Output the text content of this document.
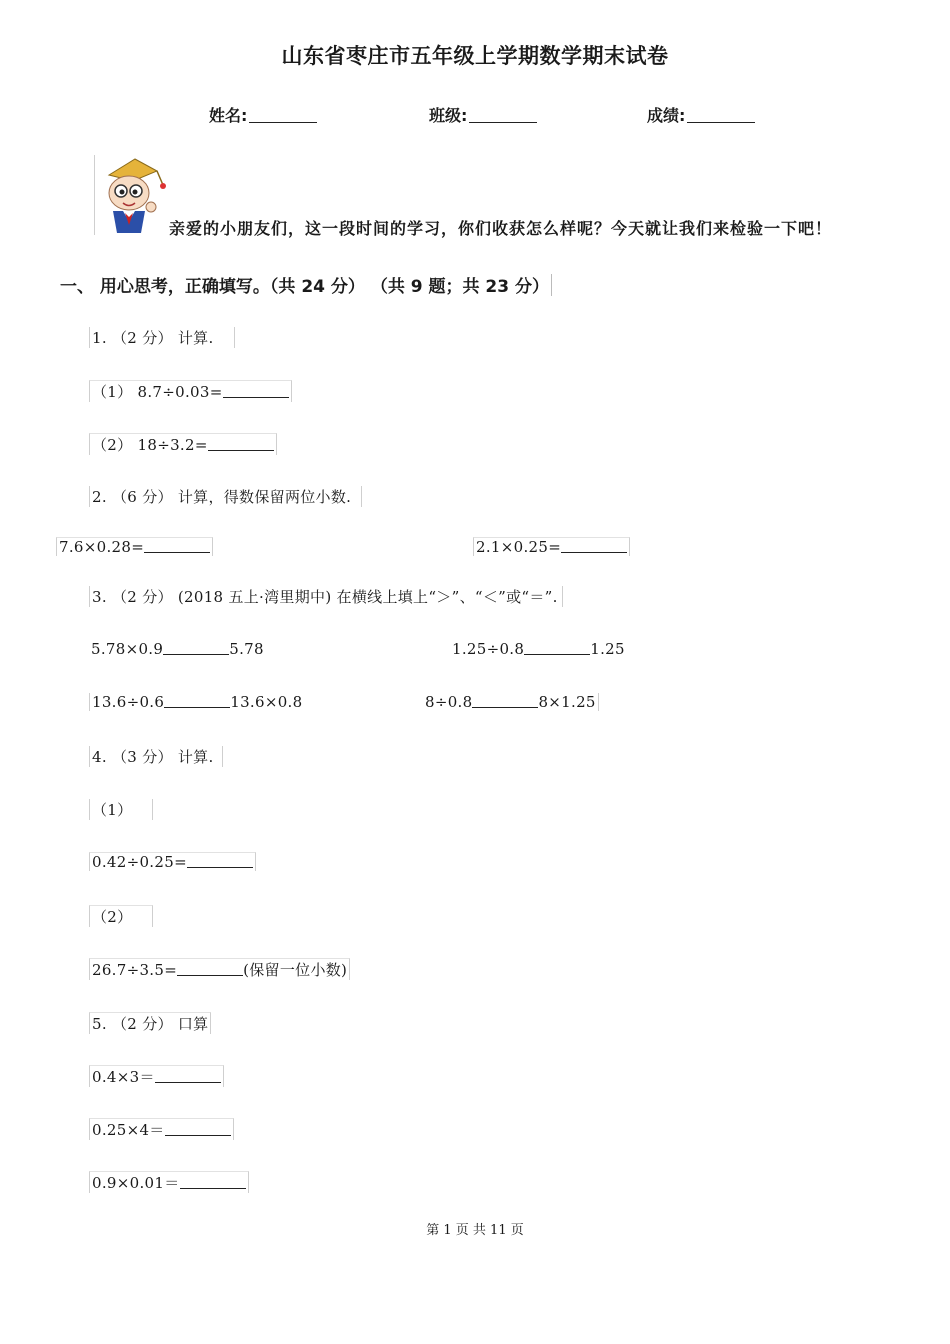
山东省枣庄市五年级上学期数学期末试卷
姓名:	班级:	成绩:
亲爱的小朋友们，这一段时间的学习，你们收获怎么样呢？今天就让我们来检验一下吧！
一、 用心思考，正确填写。（共 24 分） （共 9 题；共 23 分）
1. （2 分） 计算.
（1） 8.7÷0.03=
（2） 18÷3.2=
2. （6 分） 计算，得数保留两位小数.
7.6×0.28=	2.1×0.25=
3. （2 分） (2018 五上·湾里期中) 在横线上填上“＞”、“＜”或“＝”.
5.78×0.9	5.78	1.25÷0.8	1.25
13.6÷0.6	13.6×0.8	8÷0.8	8×1.25
4. （3 分） 计算.
（1）
0.42÷0.25=
（2）
26.7÷3.5=	(保留一位小数)
5. （2 分） 口算
0.4×3＝
0.25×4＝
0.9×0.01＝
第 1 页 共 11 页
